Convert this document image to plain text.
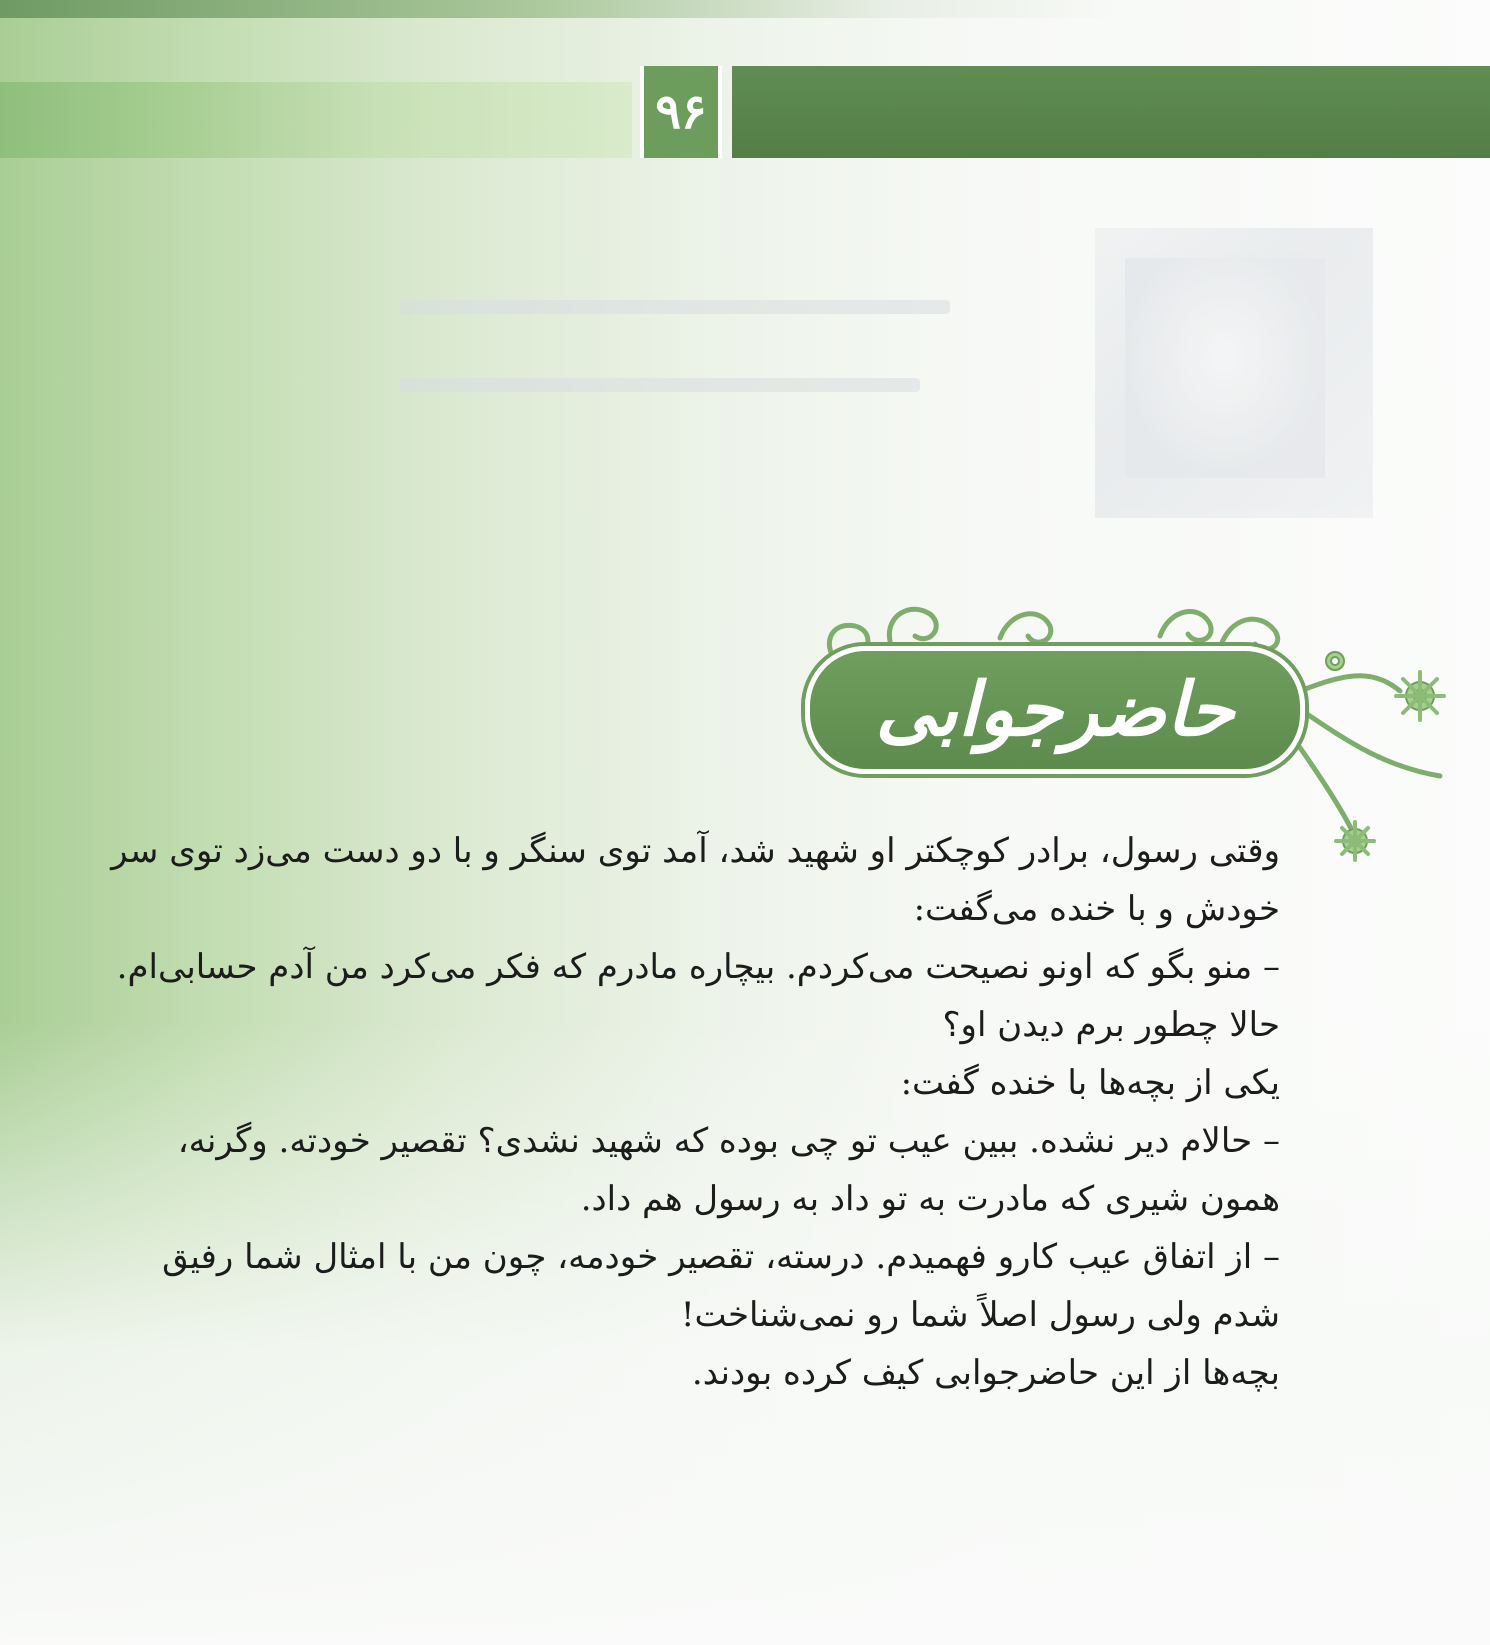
۹۶
حاضرجوابی

وقتی رسول، برادر کوچکتر او شهید شد، آمد توی سنگر و با دو دست می‌زد توی سر خودش و با خنده می‌گفت:

– منو بگو که اونو نصیحت می‌کردم. بیچاره مادرم که فکر می‌کرد من آدم حسابی‌ام. حالا چطور برم دیدن او؟

یکی از بچه‌ها با خنده گفت:

– حالام دیر نشده. ببین عیب تو چی بوده که شهید نشدی؟ تقصیر خودته. وگرنه، همون شیری که مادرت به تو داد به رسول هم داد.

– از اتفاق عیب کارو فهمیدم. درسته، تقصیر خودمه، چون من با امثال شما رفیق شدم ولی رسول اصلاً شما رو نمی‌شناخت!

بچه‌ها از این حاضرجوابی کیف کرده بودند.
